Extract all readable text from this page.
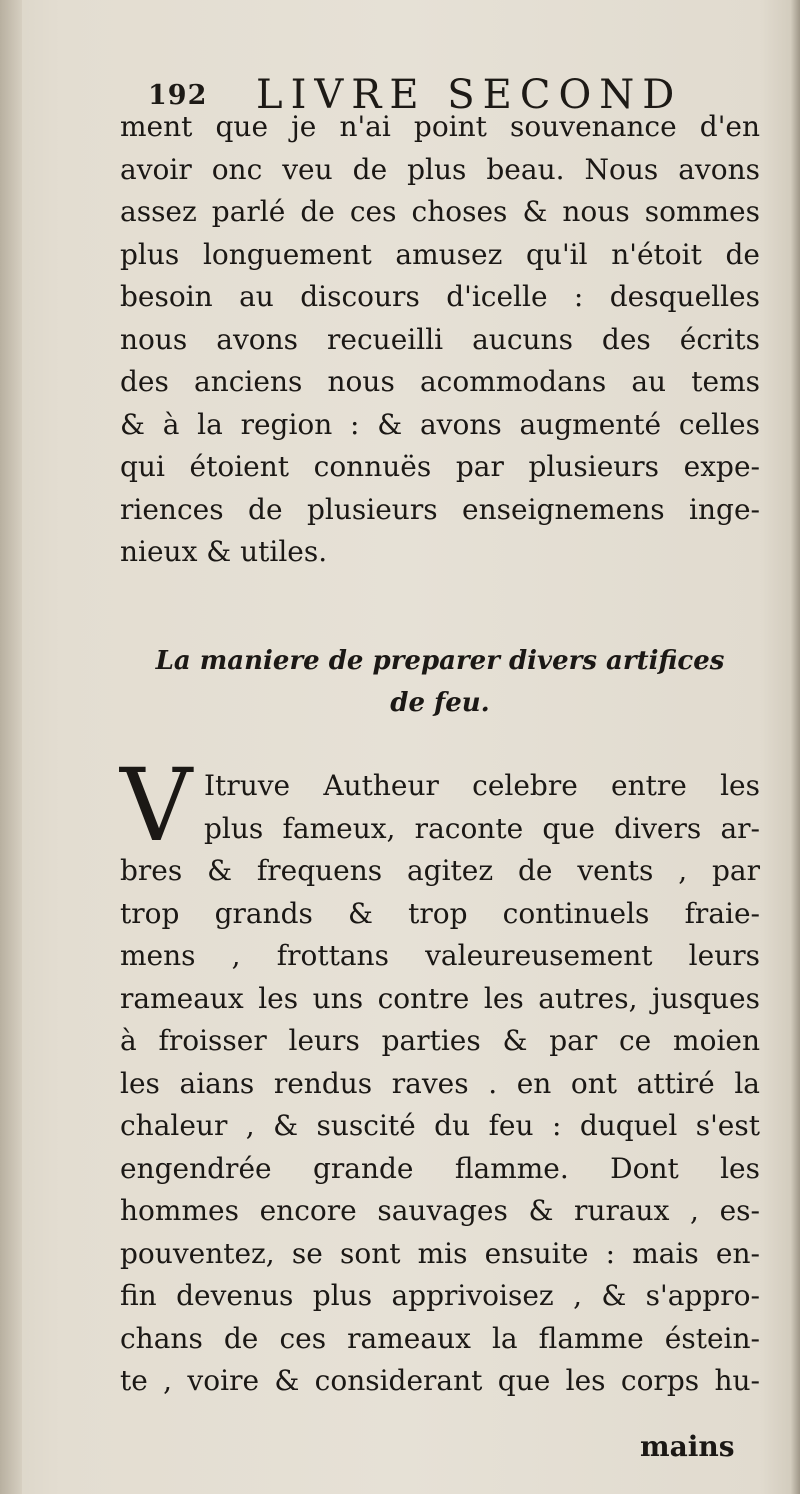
192 LIVRE SECOND
ment que je n'ai point souvenance d'en
avoir onc veu de plus beau. Nous avons
assez parlé de ces choses & nous sommes
plus longuement amusez qu'il n'étoit de
besoin au discours d'icelle : desquelles
nous avons recueilli aucuns des écrits
des anciens nous acommodans au tems
& à la region : & avons augmenté celles
qui étoient connuës par plusieurs expe-
riences de plusieurs enseignemens inge-
nieux & utiles.
La maniere de preparer divers artifices
de feu.
V Itruve Autheur celebre entre les
plus fameux, raconte que divers ar-
bres & frequens agitez de vents , par
trop grands & trop continuels fraie-
mens , frottans valeureusement leurs
rameaux les uns contre les autres, jusques
à froisser leurs parties & par ce moien
les aians rendus raves . en ont attiré la
chaleur , & suscité du feu : duquel s'est
engendrée grande flamme. Dont les
hommes encore sauvages & ruraux , es-
pouventez, se sont mis ensuite : mais en-
fin devenus plus apprivoisez , & s'appro-
chans de ces rameaux la flamme éstein-
te , voire & considerant que les corps hu-
mains
